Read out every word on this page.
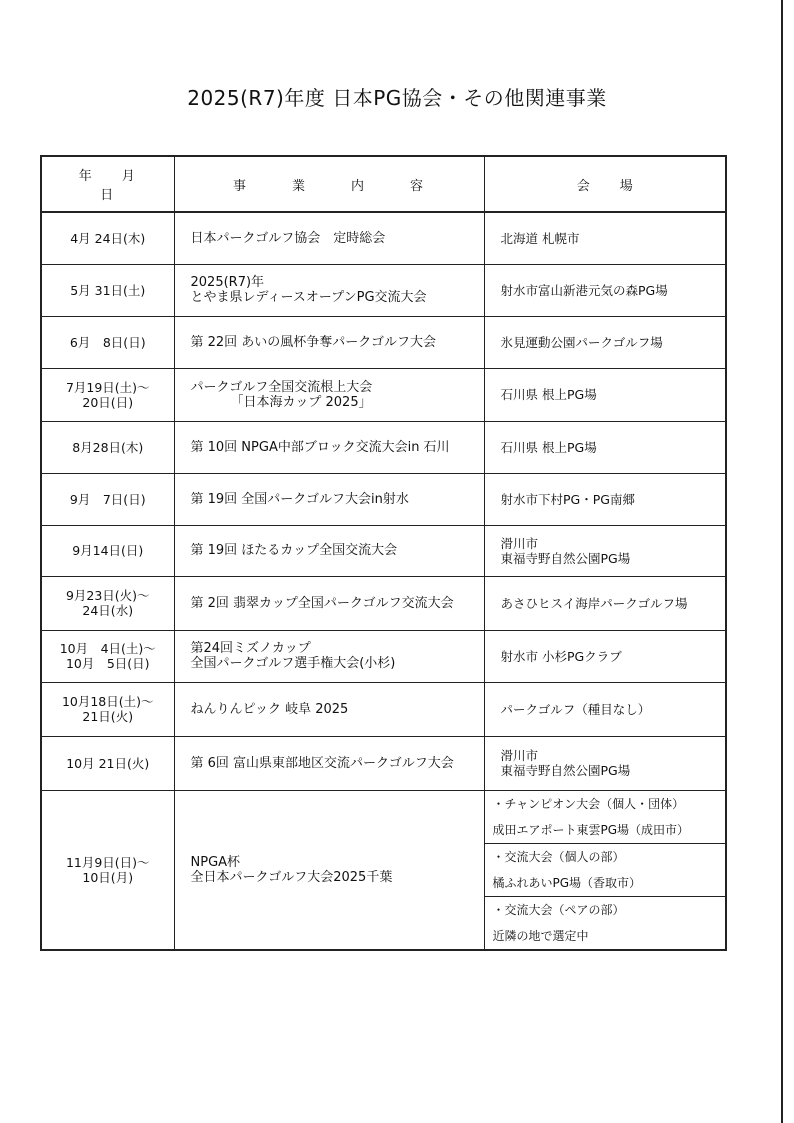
2025(R7)年度 日本PG協会・その他関連事業
年月日	事業内容	会場

4月 24日(木)	日本パークゴルフ協会　定時総会	北海道 札幌市

5月 31日(土)	2025(R7)年
とやま県レディースオープンPG交流大会	射水市富山新港元気の森PG場

6月　8日(日)	第 22回 あいの風杯争奪パークゴルフ大会	氷見運動公園パークゴルフ場

7月19日(土)～
20日(日)	パークゴルフ全国交流根上大会
「日本海カップ 2025」	石川県 根上PG場

8月28日(木)	第 10回 NPGA中部ブロック交流大会in 石川	石川県 根上PG場

9月　7日(日)	第 19回 全国パークゴルフ大会in射水	射水市下村PG・PG南郷

9月14日(日)	第 19回 ほたるカップ全国交流大会	滑川市
東福寺野自然公園PG場

9月23日(火)～
24日(水)	第 2回 翡翠カップ全国パークゴルフ交流大会	あさひヒスイ海岸パークゴルフ場

10月　4日(土)～
10月　5日(日)	第24回ミズノカップ
全国パークゴルフ選手権大会(小杉)	射水市 小杉PGクラブ

10月18日(土)～
21日(火)	ねんりんピック 岐阜 2025	パークゴルフ（種目なし）

10月 21日(火)	第 6回 富山県東部地区交流パークゴルフ大会	滑川市
東福寺野自然公園PG場

11月9日(日)～
10日(月)	NPGA杯
全日本パークゴルフ大会2025千葉	・チャンピオン大会（個人・団体）
		成田エアポート東雲PG場（成田市）
		・交流大会（個人の部）
		橘ふれあいPG場（香取市）
		・交流大会（ペアの部）
		近隣の地で選定中
